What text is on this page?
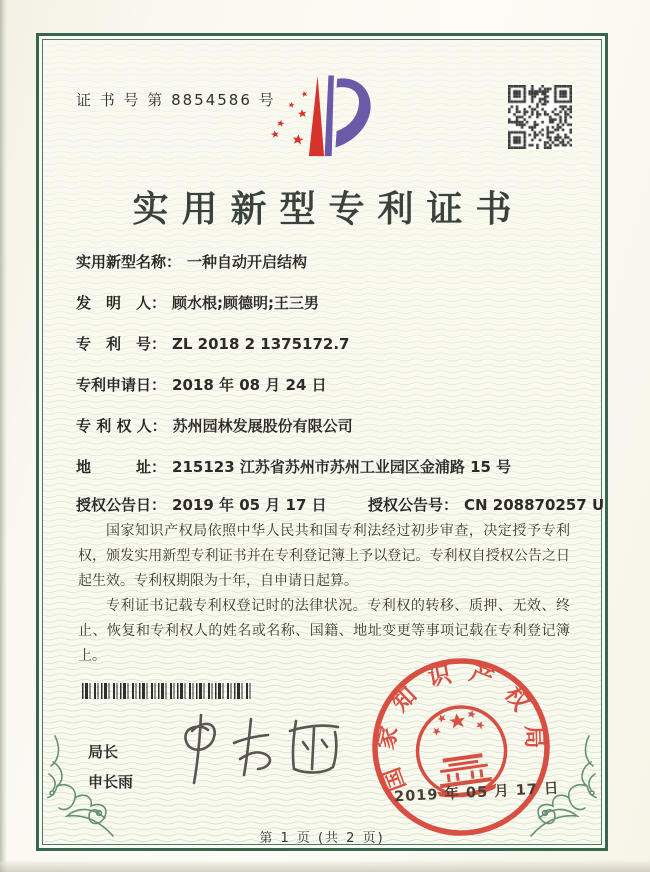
证 书 号 第 8854586 号
实用新型专利证书
实用新型名称： 一种自动开启结构
发　明　人： 顾水根;顾德明;王三男
专　利　号： ZL 2018 2 1375172.7
专利申请日： 2018 年 08 月 24 日
专 利 权 人： 苏州园林发展股份有限公司
地　　　址： 215123 江苏省苏州市苏州工业园区金浦路 15 号
授权公告日： 2019 年 05 月 17 日	授权公告号： CN 208870257 U

国家知识产权局依照中华人民共和国专利法经过初步审查，决定授予专利权，颁发实用新型专利证书并在专利登记簿上予以登记。专利权自授权公告之日起生效。专利权期限为十年，自申请日起算。

专利证书记载专利权登记时的法律状况。专利权的转移、质押、无效、终止、恢复和专利权人的姓名或名称、国籍、地址变更等事项记载在专利登记簿上。

局长
申长雨	国家知识产权局
2019 年 05 月 17 日
第 1 页 (共 2 页)
